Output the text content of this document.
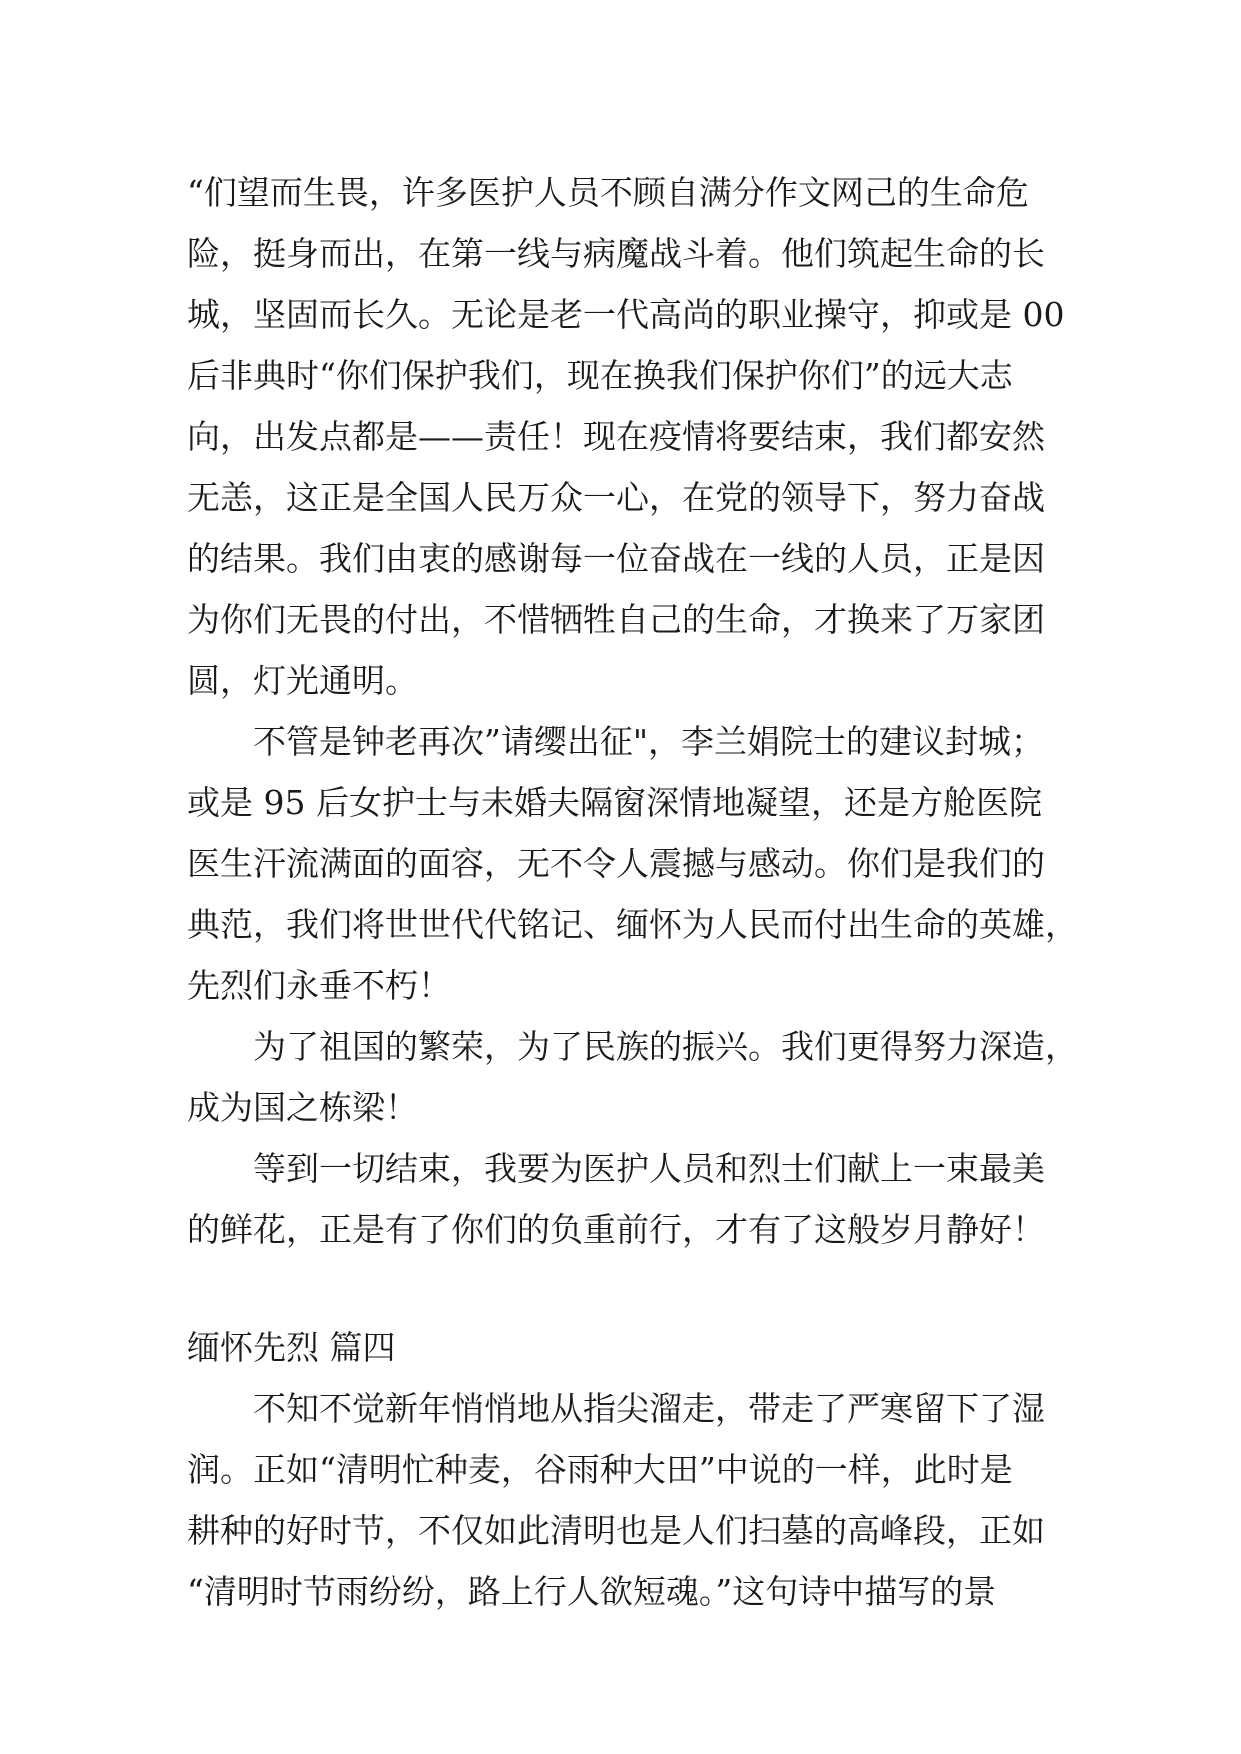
“们望而生畏，许多医护人员不顾自满分作文网己的生命危
险，挺身而出，在第一线与病魔战斗着。他们筑起生命的长
城，坚固而长久。无论是老一代高尚的职业操守，抑或是 00
后非典时“你们保护我们，现在换我们保护你们”的远大志
向，出发点都是——责任！现在疫情将要结束，我们都安然
无恙，这正是全国人民万众一心，在党的领导下，努力奋战
的结果。我们由衷的感谢每一位奋战在一线的人员，正是因
为你们无畏的付出，不惜牺牲自己的生命，才换来了万家团
圆，灯光通明。
不管是钟老再次”请缨出征"，李兰娟院士的建议封城；
或是 95 后女护士与未婚夫隔窗深情地凝望，还是方舱医院
医生汗流满面的面容，无不令人震撼与感动。你们是我们的
典范，我们将世世代代铭记、缅怀为人民而付出生命的英雄，
先烈们永垂不朽！
为了祖国的繁荣，为了民族的振兴。我们更得努力深造，
成为国之栋梁！
等到一切结束，我要为医护人员和烈士们献上一束最美
的鲜花，正是有了你们的负重前行，才有了这般岁月静好！
缅怀先烈 篇四
不知不觉新年悄悄地从指尖溜走，带走了严寒留下了湿
润。正如“清明忙种麦，谷雨种大田”中说的一样，此时是
耕种的好时节，不仅如此清明也是人们扫墓的高峰段，正如
“清明时节雨纷纷，路上行人欲短魂。”这句诗中描写的景
